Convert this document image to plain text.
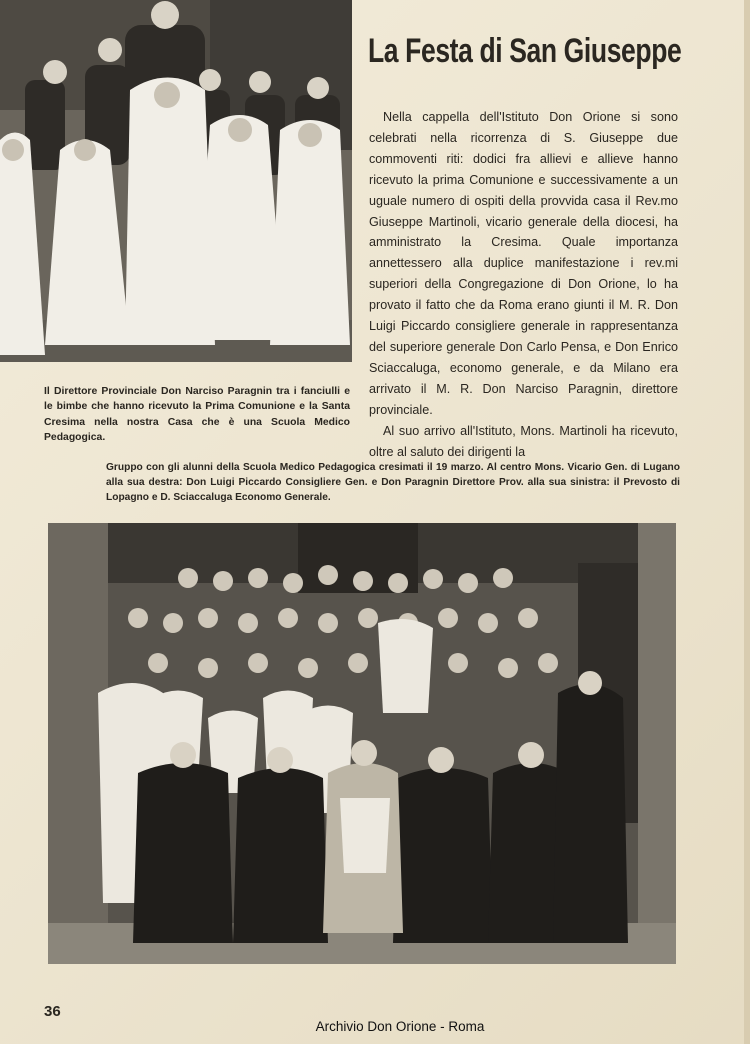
La Festa di San Giuseppe

Nella cappella dell'Istituto Don Orione si sono celebrati nella ricorrenza di S. Giuseppe due commoventi riti: dodici fra allievi e allieve hanno ricevuto la prima Comunione e successivamente a un uguale numero di ospiti della provvida casa il Rev.mo Giuseppe Martinoli, vicario generale della diocesi, ha amministrato la Cresima. Quale importanza annettessero alla duplice manifestazione i rev.mi superiori della Congregazione di Don Orione, lo ha provato il fatto che da Roma erano giunti il M. R. Don Luigi Piccardo consigliere generale in rappresentanza del superiore generale Don Carlo Pensa, e Don Enrico Sciaccaluga, economo generale, e da Milano era arrivato il M. R. Don Narciso Paragnin, direttore provinciale.

Al suo arrivo all'Istituto, Mons. Martinoli ha ricevuto, oltre al saluto dei dirigenti la

Il Direttore Provinciale Don Narciso Paragnin tra i fanciulli e le bimbe che hanno ricevuto la Prima Comunione e la Santa Cresima nella nostra Casa che è una Scuola Medico Pedagogica.
Gruppo con gli alunni della Scuola Medico Pedagogica cresimati il 19 marzo. Al centro Mons. Vicario Gen. di Lugano alla sua destra: Don Luigi Piccardo Consigliere Gen. e Don Paragnin Direttore Prov. alla sua sinistra: il Prevosto di Lopagno e D. Sciaccaluga Economo Generale.
36
Archivio Don Orione - Roma
